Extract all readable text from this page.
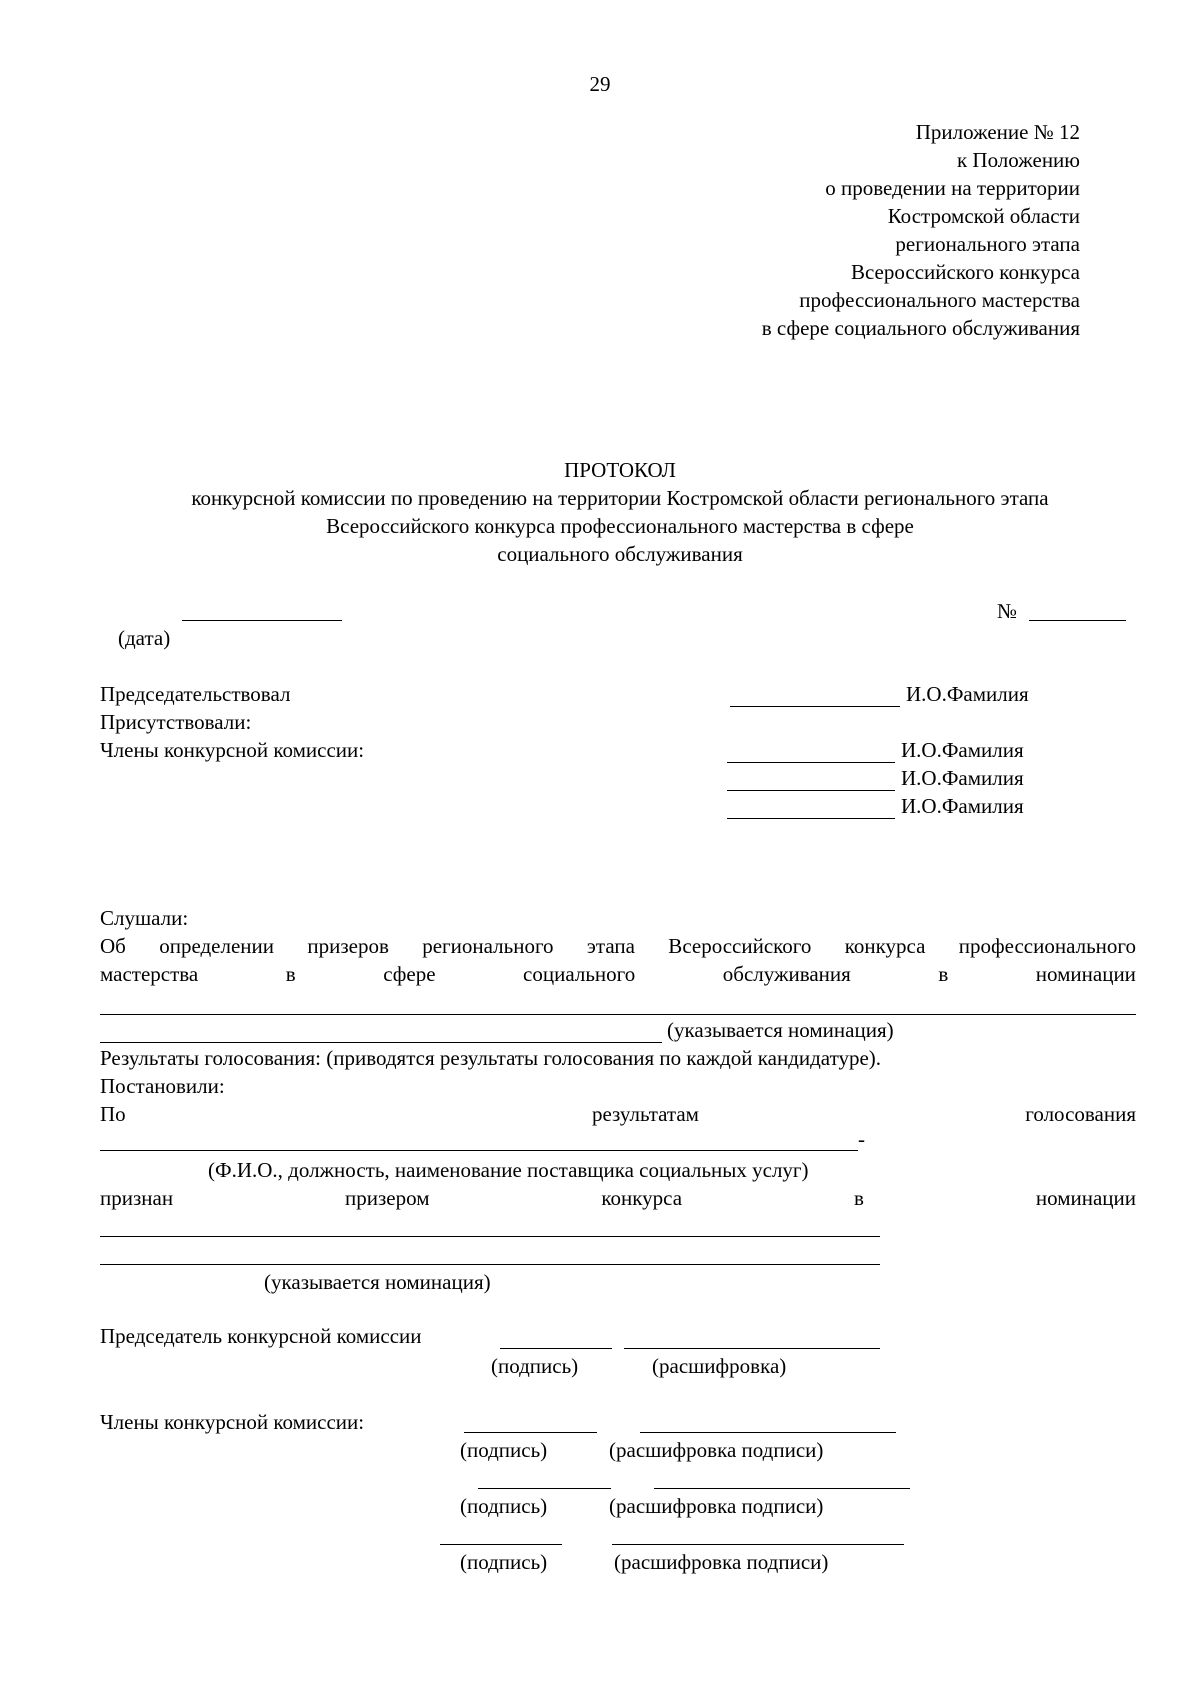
29
Приложение № 12
к Положению
о проведении на территории
Костромской области
регионального этапа
Всероссийского конкурса
профессионального мастерства
в сфере социального обслуживания
ПРОТОКОЛ
конкурсной комиссии по проведению на территории Костромской области регионального этапа
Всероссийского конкурса профессионального мастерства в сфере
социального обслуживания
(дата)
№
Председательствовал	И.О.Фамилия
Присутствовали:
Члены конкурсной комиссии:	И.О.Фамилия
И.О.Фамилия
И.О.Фамилия
Слушали:
Об определении призеров регионального этапа Всероссийского конкурса профессионального
мастерства	в	сфере	социального	обслуживания	в	номинации
(указывается номинация)
Результаты голосования: (приводятся результаты голосования по каждой кандидатуре).
Постановили:
По	результатам	голосования
-
(Ф.И.О., должность, наименование поставщика социальных услуг)
признан	призером	конкурса	в	номинации
(указывается номинация)
Председатель конкурсной комиссии
(подпись)	(расшифровка)
Члены конкурсной комиссии:
(подпись)	(расшифровка подписи)
(подпись)	(расшифровка подписи)
(подпись)	(расшифровка подписи)
